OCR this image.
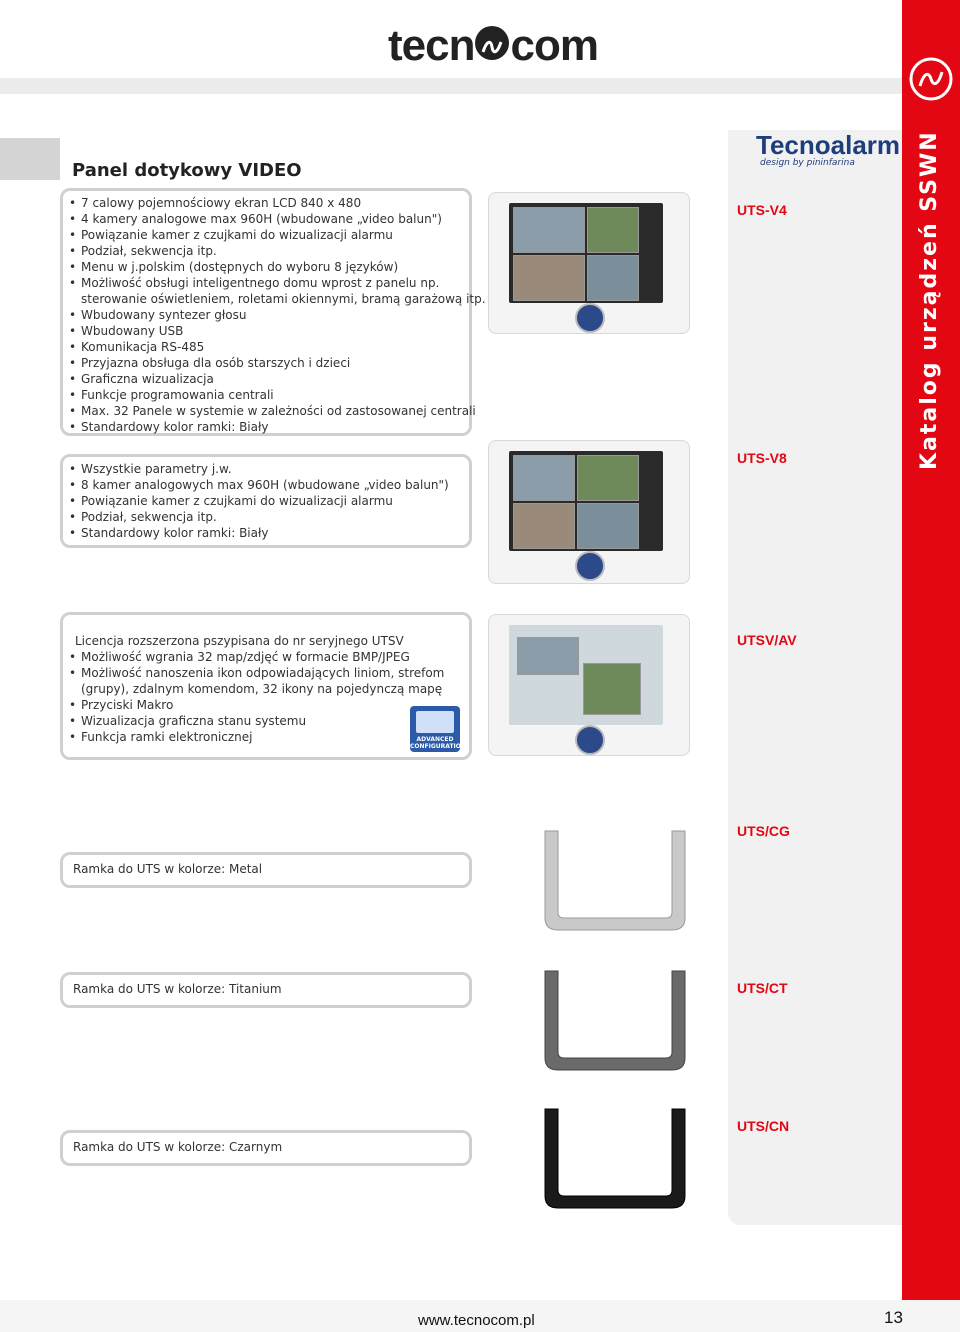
tecn com
Katalog urządzeń SSWN
Tecnoalarm
design by pininfarina
Panel dotykowy VIDEO
• 7 calowy pojemnościowy ekran LCD 840 x 480
• 4 kamery analogowe max 960H (wbudowane „video balun")
• Powiązanie kamer z czujkami do wizualizacji alarmu
• Podział, sekwencja itp.
• Menu w j.polskim (dostępnych do wyboru 8 języków)
• Możliwość obsługi inteligentnego domu wprost z panelu np.
sterowanie oświetleniem, roletami okiennymi, bramą garażową itp.
• Wbudowany syntezer głosu
• Wbudowany USB
• Komunikacja RS-485
• Przyjazna obsługa dla osób starszych i dzieci
• Graficzna wizualizacja
• Funkcje programowania centrali
• Max. 32 Panele w systemie w zależności od zastosowanej centrali
• Standardowy kolor ramki: Biały
• Wszystkie parametry j.w.
• 8 kamer analogowych max 960H (wbudowane „video balun")
• Powiązanie kamer z czujkami do wizualizacji alarmu
• Podział, sekwencja itp.
• Standardowy kolor ramki: Biały
Licencja rozszerzona pszypisana do nr seryjnego UTSV
• Możliwość wgrania 32 map/zdjęć w formacie BMP/JPEG
• Możliwość nanoszenia ikon odpowiadających liniom, strefom
(grupy), zdalnym komendom, 32 ikony na pojedynczą mapę
• Przyciski Makro
• Wizualizacja graficzna stanu systemu
• Funkcja ramki elektronicznej	ADVANCED CONFIGURATION
Ramka do UTS w kolorze: Metal
Ramka do UTS w kolorze: Titanium
Ramka do UTS w kolorze: Czarnym
UTS-V4
UTS-V8
UTSV/AV
UTS/CG
UTS/CT
UTS/CN
www.tecnocom.pl	13
